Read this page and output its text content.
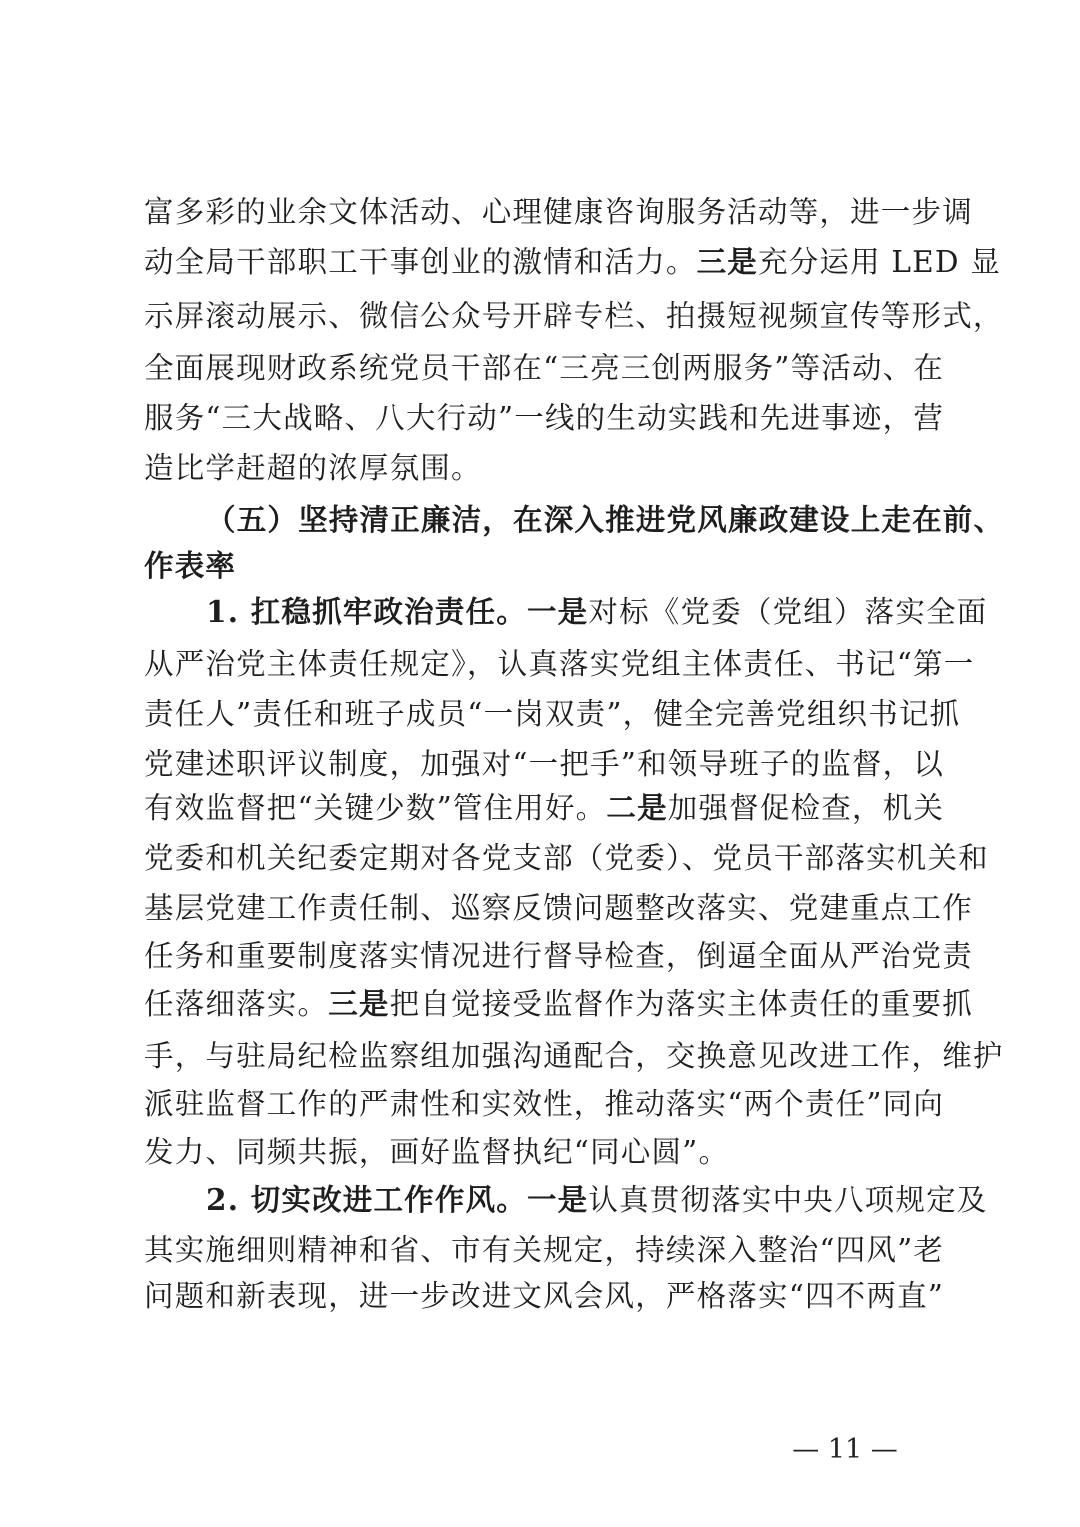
富多彩的业余文体活动、心理健康咨询服务活动等，进一步调
动全局干部职工干事创业的激情和活力。三是充分运用 LED 显
示屏滚动展示、微信公众号开辟专栏、拍摄短视频宣传等形式，
全面展现财政系统党员干部在“三亮三创两服务”等活动、在
服务“三大战略、八大行动”一线的生动实践和先进事迹，营
造比学赶超的浓厚氛围。
（五）坚持清正廉洁，在深入推进党风廉政建设上走在前、
作表率
1. 扛稳抓牢政治责任。一是对标《党委（党组）落实全面
从严治党主体责任规定》，认真落实党组主体责任、书记“第一
责任人”责任和班子成员“一岗双责”，健全完善党组织书记抓
党建述职评议制度，加强对“一把手”和领导班子的监督，以
有效监督把“关键少数”管住用好。二是加强督促检查，机关
党委和机关纪委定期对各党支部（党委）、党员干部落实机关和
基层党建工作责任制、巡察反馈问题整改落实、党建重点工作
任务和重要制度落实情况进行督导检查，倒逼全面从严治党责
任落细落实。三是把自觉接受监督作为落实主体责任的重要抓
手，与驻局纪检监察组加强沟通配合，交换意见改进工作，维护
派驻监督工作的严肃性和实效性，推动落实“两个责任”同向
发力、同频共振，画好监督执纪“同心圆”。
2. 切实改进工作作风。一是认真贯彻落实中央八项规定及
其实施细则精神和省、市有关规定，持续深入整治“四风”老
问题和新表现，进一步改进文风会风，严格落实“四不两直”
— 11 —
